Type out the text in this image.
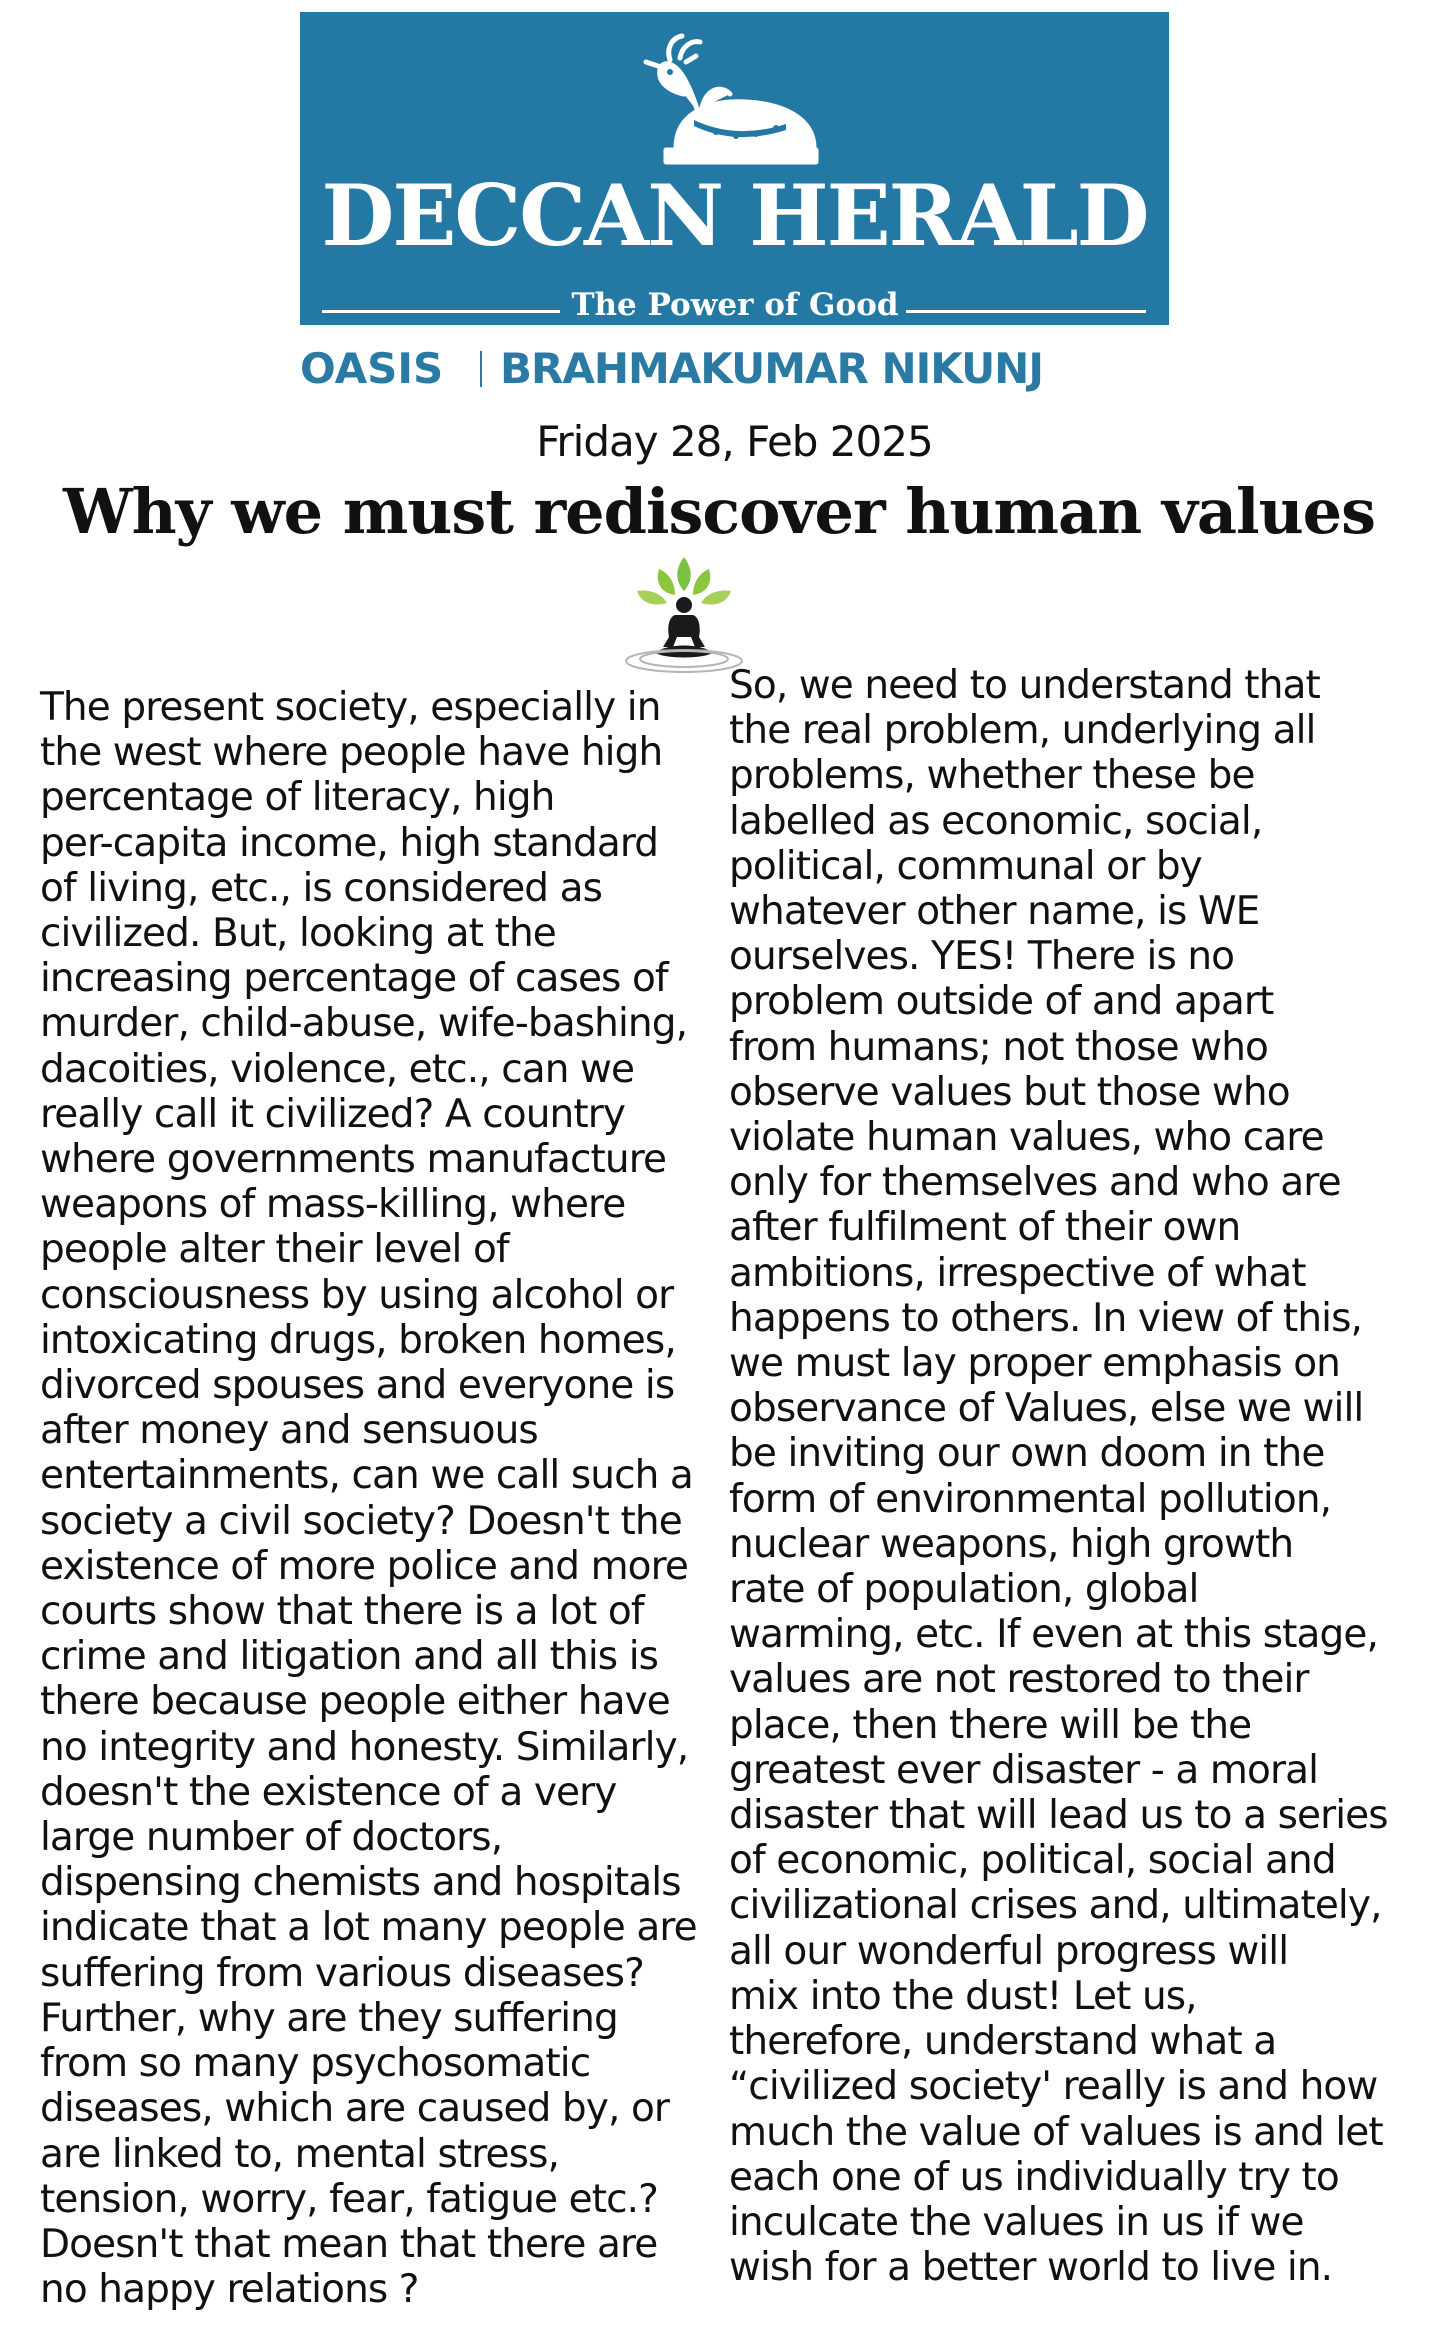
DECCAN HERALD
The Power of Good
OASIS BRAHMAKUMAR NIKUNJ
Friday 28, Feb 2025
Why we must rediscover human values

The present society, especially in
the west where people have high
percentage of literacy, high
per-capita income, high standard
of living, etc., is considered as
civilized. But, looking at the
increasing percentage of cases of
murder, child-abuse, wife-bashing,
dacoities, violence, etc., can we
really call it civilized? A country
where governments manufacture
weapons of mass-killing, where
people alter their level of
consciousness by using alcohol or
intoxicating drugs, broken homes,
divorced spouses and everyone is
after money and sensuous
entertainments, can we call such a
society a civil society? Doesn't the
existence of more police and more
courts show that there is a lot of
crime and litigation and all this is
there because people either have
no integrity and honesty. Similarly,
doesn't the existence of a very
large number of doctors,
dispensing chemists and hospitals
indicate that a lot many people are
suffering from various diseases?
Further, why are they suffering
from so many psychosomatic
diseases, which are caused by, or
are linked to, mental stress,
tension, worry, fear, fatigue etc.?
Doesn't that mean that there are
no happy relations ?

So, we need to understand that
the real problem, underlying all
problems, whether these be
labelled as economic, social,
political, communal or by
whatever other name, is WE
ourselves. YES! There is no
problem outside of and apart
from humans; not those who
observe values but those who
violate human values, who care
only for themselves and who are
after fulfilment of their own
ambitions, irrespective of what
happens to others. In view of this,
we must lay proper emphasis on
observance of Values, else we will
be inviting our own doom in the
form of environmental pollution,
nuclear weapons, high growth
rate of population, global
warming, etc. If even at this stage,
values are not restored to their
place, then there will be the
greatest ever disaster - a moral
disaster that will lead us to a series
of economic, political, social and
civilizational crises and, ultimately,
all our wonderful progress will
mix into the dust! Let us,
therefore, understand what a
“civilized society' really is and how
much the value of values is and let
each one of us individually try to
inculcate the values in us if we
wish for a better world to live in.
